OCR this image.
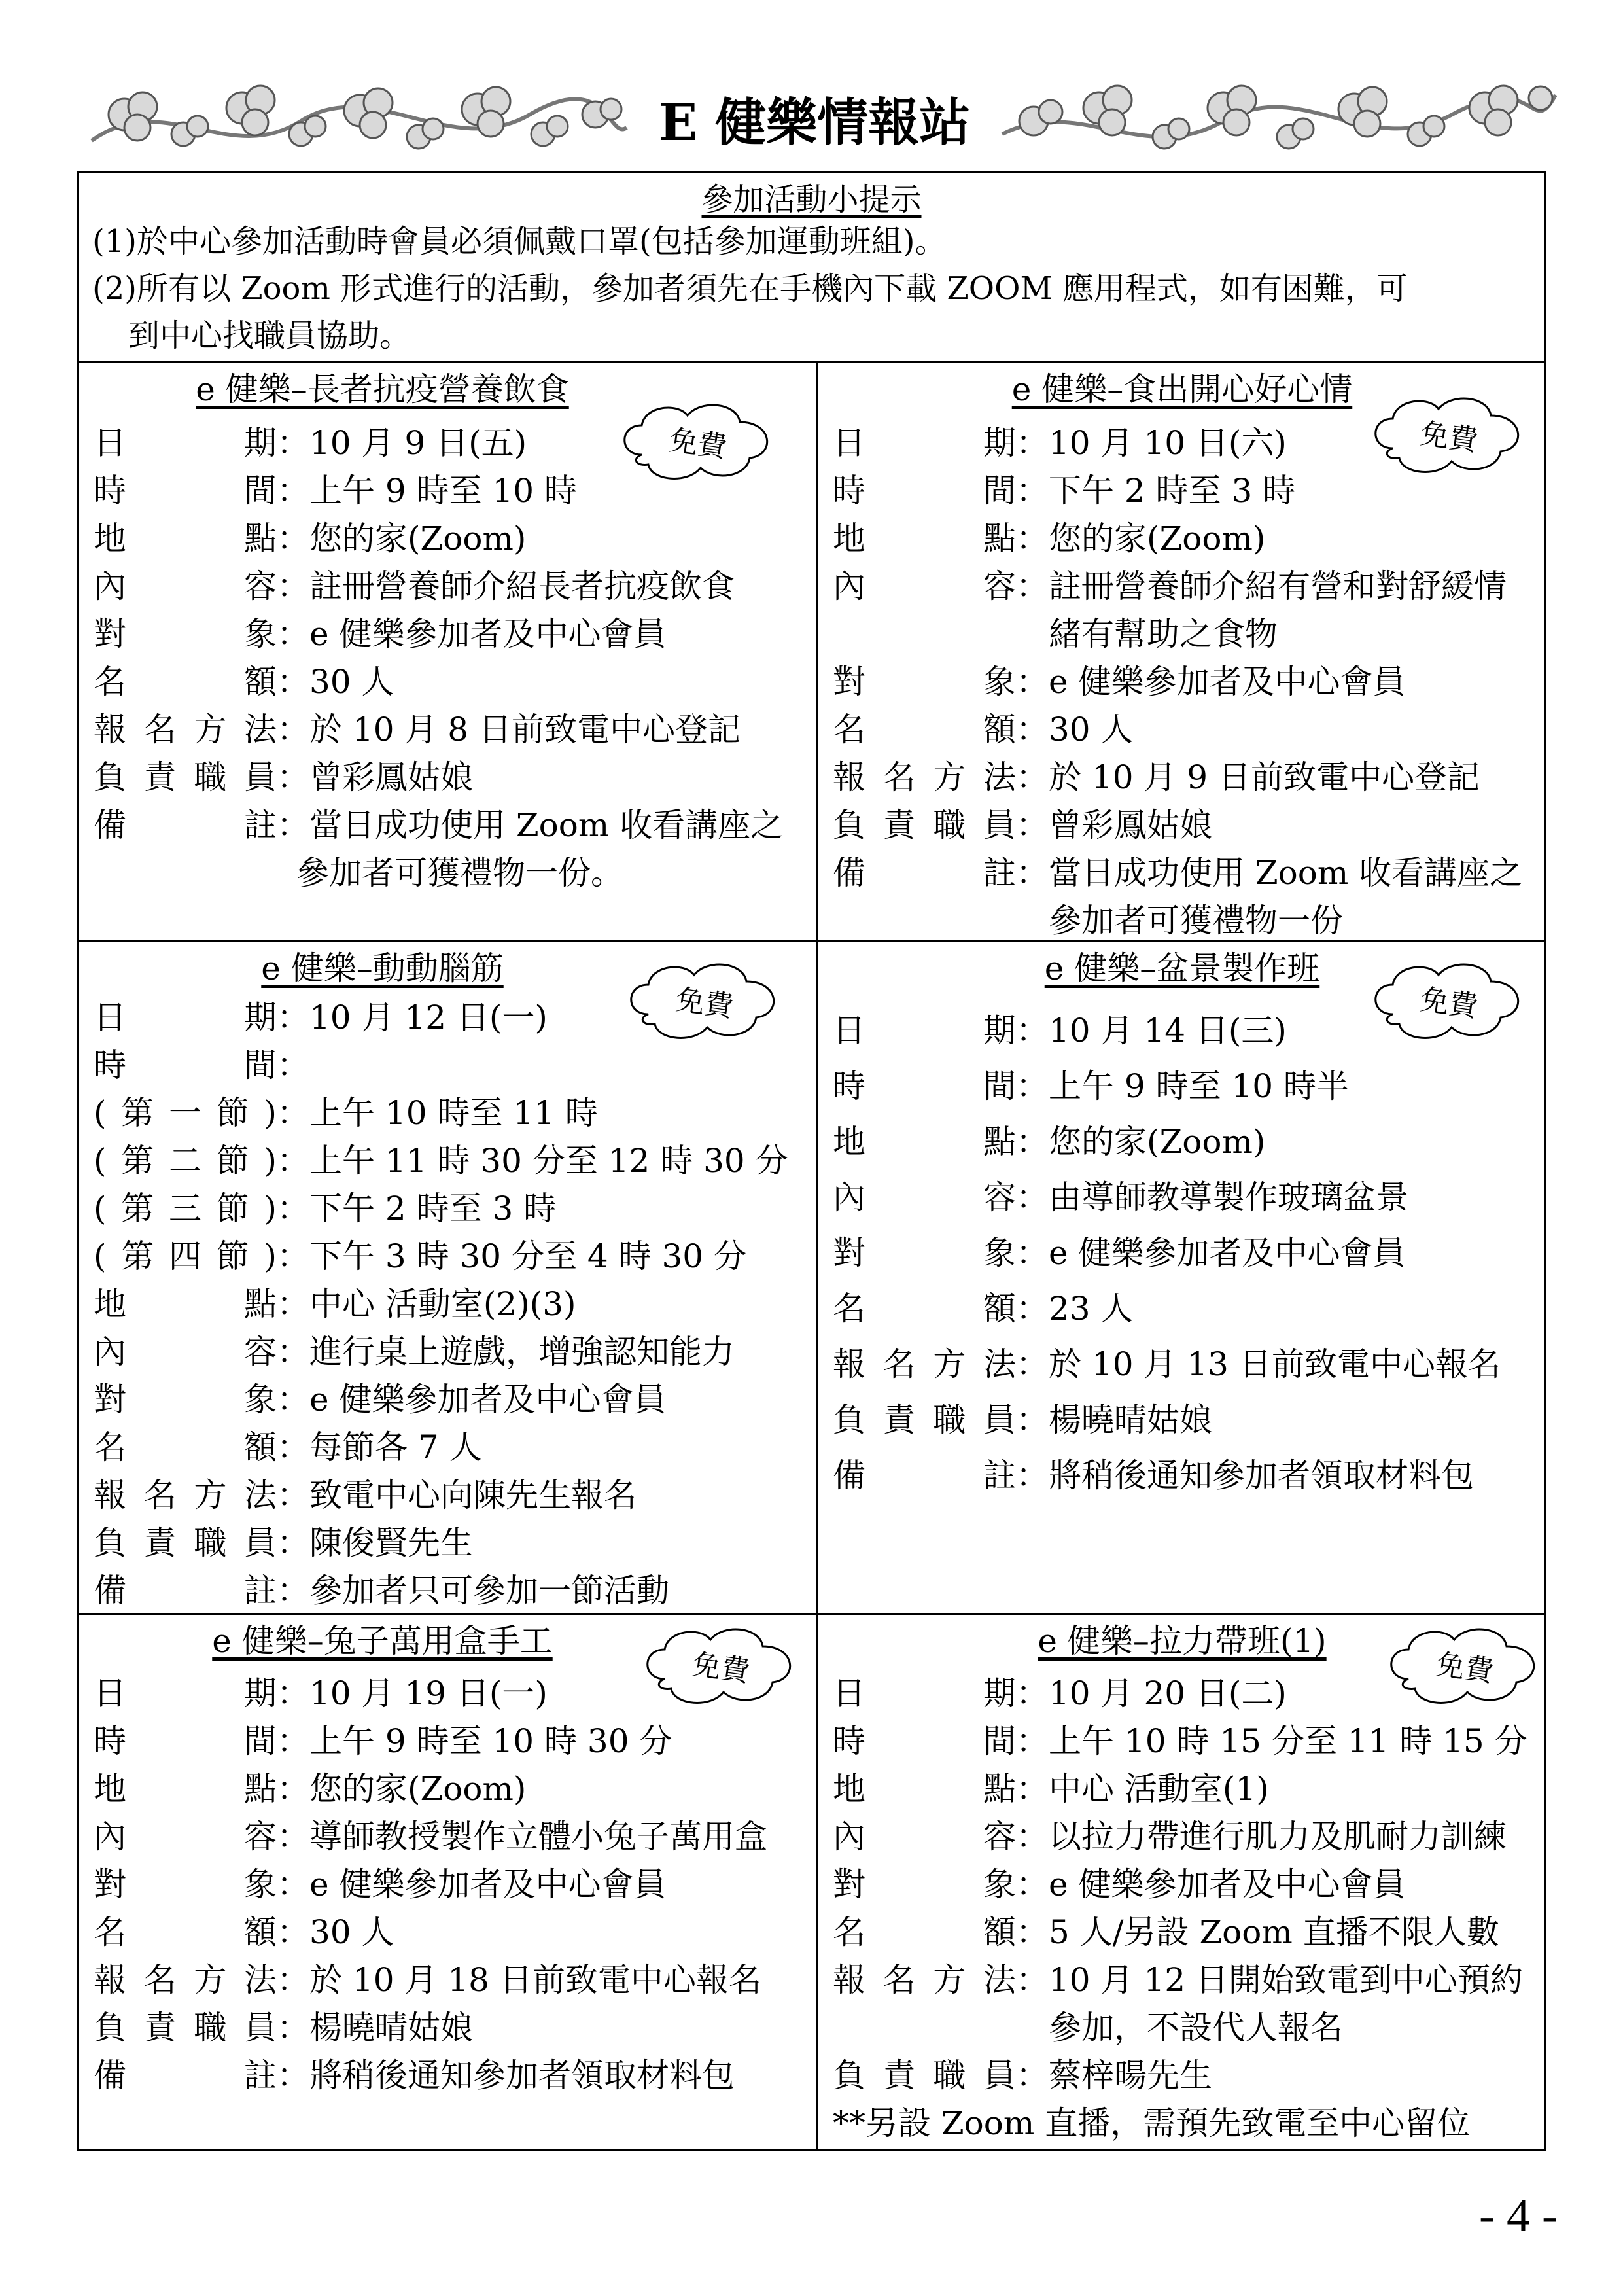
E 健樂情報站
參加活動小提示
(1)於中心參加活動時會員必須佩戴口罩(包括參加運動班組)。
(2)所有以 Zoom 形式進行的活動，參加者須先在手機內下載 ZOOM 應用程式，如有困難，可
到中心找職員協助。
e 健樂–長者抗疫營養飲食
免費
日　　期：10 月 9 日(五)
時　　間：上午 9 時至 10 時
地　　點：您的家(Zoom)
內　　容：註冊營養師介紹長者抗疫飲食
對　　象：e 健樂參加者及中心會員
名　　額：30 人
報名方法：於 10 月 8 日前致電中心登記
負責職員：曾彩鳳姑娘
備　　註：當日成功使用 Zoom 收看講座之
參加者可獲禮物一份。
e 健樂–食出開心好心情
免費
日　　期：10 月 10 日(六)
時　　間：下午 2 時至 3 時
地　　點：您的家(Zoom)
內　　容：註冊營養師介紹有營和對舒緩情
緒有幫助之食物
對　　象：e 健樂參加者及中心會員
名　　額：30 人
報名方法：於 10 月 9 日前致電中心登記
負責職員：曾彩鳳姑娘
備　　註：當日成功使用 Zoom 收看講座之
參加者可獲禮物一份
e 健樂–動動腦筋
免費
日　　期：10 月 12 日(一)
時　　間：
(第一節)：上午 10 時至 11 時
(第二節)：上午 11 時 30 分至 12 時 30 分
(第三節)：下午 2 時至 3 時
(第四節)：下午 3 時 30 分至 4 時 30 分
地　　點：中心 活動室(2)(3)
內　　容：進行桌上遊戲，增強認知能力
對　　象：e 健樂參加者及中心會員
名　　額：每節各 7 人
報名方法：致電中心向陳先生報名
負責職員：陳俊賢先生
備　　註：參加者只可參加一節活動
e 健樂–盆景製作班
免費
日　　期：10 月 14 日(三)
時　　間：上午 9 時至 10 時半
地　　點：您的家(Zoom)
內　　容：由導師教導製作玻璃盆景
對　　象：e 健樂參加者及中心會員
名　　額：23 人
報名方法：於 10 月 13 日前致電中心報名
負責職員：楊曉晴姑娘
備　　註：將稍後通知參加者領取材料包
e 健樂–兔子萬用盒手工
免費
日　　期：10 月 19 日(一)
時　　間：上午 9 時至 10 時 30 分
地　　點：您的家(Zoom)
內　　容：導師教授製作立體小兔子萬用盒
對　　象：e 健樂參加者及中心會員
名　　額：30 人
報名方法：於 10 月 18 日前致電中心報名
負責職員：楊曉晴姑娘
備　　註：將稍後通知參加者領取材料包
e 健樂–拉力帶班(1)
免費
日　　期：10 月 20 日(二)
時　　間：上午 10 時 15 分至 11 時 15 分
地　　點：中心 活動室(1)
內　　容：以拉力帶進行肌力及肌耐力訓練
對　　象：e 健樂參加者及中心會員
名　　額：5 人/另設 Zoom 直播不限人數
報名方法：10 月 12 日開始致電到中心預約
參加，不設代人報名
負責職員：蔡梓暘先生
**另設 Zoom 直播，需預先致電至中心留位
- 4 -
